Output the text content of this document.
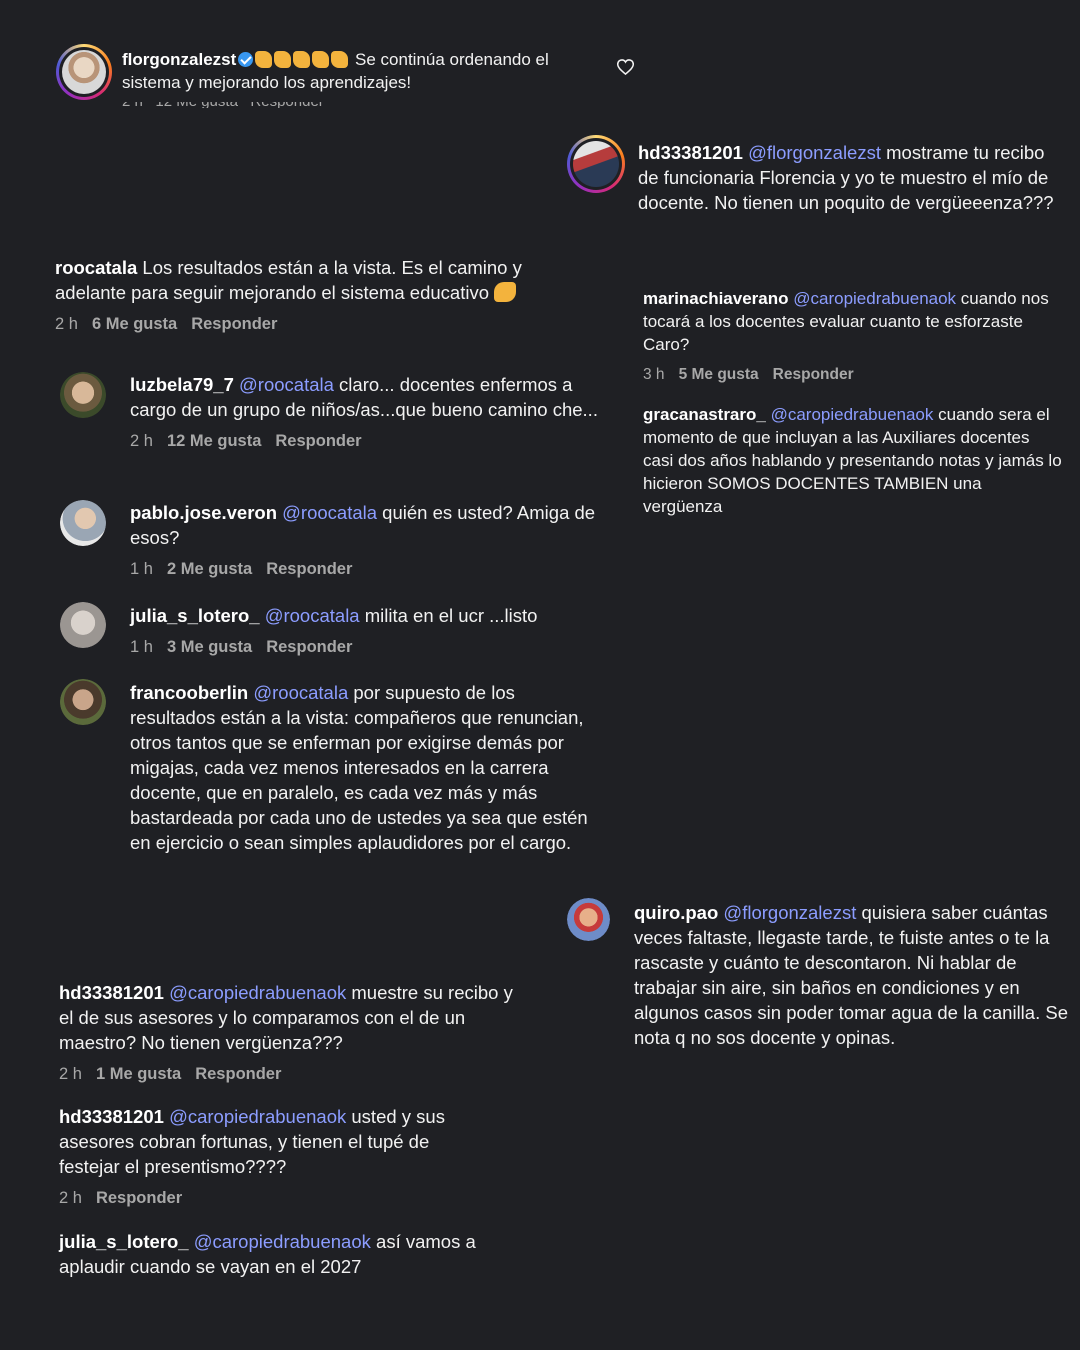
florgonzalezst	Se continúa ordenando el sistema y mejorando los aprendizajes!
2 h 12 Me gusta Responder
hd33381201 @florgonzalezst mostrame tu recibo de funcionaria Florencia y yo te muestro el mío de docente. No tienen un poquito de vergüeeenza???
roocatala Los resultados están a la vista. Es el camino y adelante para seguir mejorando el sistema educativo
2 h 6 Me gusta Responder
luzbela79_7 @roocatala claro... docentes enfermos a cargo de un grupo de niños/as...que bueno camino che...
2 h 12 Me gusta Responder
pablo.jose.veron @roocatala quién es usted? Amiga de esos?
1 h 2 Me gusta Responder
julia_s_lotero_ @roocatala milita en el ucr ...listo
1 h 3 Me gusta Responder
francooberlin @roocatala por supuesto de los resultados están a la vista: compañeros que renuncian, otros tantos que se enferman por exigirse demás por migajas, cada vez menos interesados en la carrera docente, que en paralelo, es cada vez más y más bastardeada por cada uno de ustedes ya sea que estén en ejercicio o sean simples aplaudidores por el cargo.
marinachiaverano @caropiedrabuenaok cuando nos tocará a los docentes evaluar cuanto te esforzaste Caro?
3 h 5 Me gusta Responder
gracanastraro_ @caropiedrabuenaok cuando sera el momento de que incluyan a las Auxiliares docentes casi dos años hablando y presentando notas y jamás lo hicieron SOMOS DOCENTES TAMBIEN una vergüenza
quiro.pao @florgonzalezst quisiera saber cuántas veces faltaste, llegaste tarde, te fuiste antes o te la rascaste y cuánto te descontaron. Ni hablar de trabajar sin aire, sin baños en condiciones y en algunos casos sin poder tomar agua de la canilla. Se nota q no sos docente y opinas.
hd33381201 @caropiedrabuenaok muestre su recibo y el de sus asesores y lo comparamos con el de un maestro? No tienen vergüenza???
2 h 1 Me gusta Responder
hd33381201 @caropiedrabuenaok usted y sus asesores cobran fortunas, y tienen el tupé de festejar el presentismo????
2 h Responder
julia_s_lotero_ @caropiedrabuenaok así vamos a aplaudir cuando se vayan en el 2027
